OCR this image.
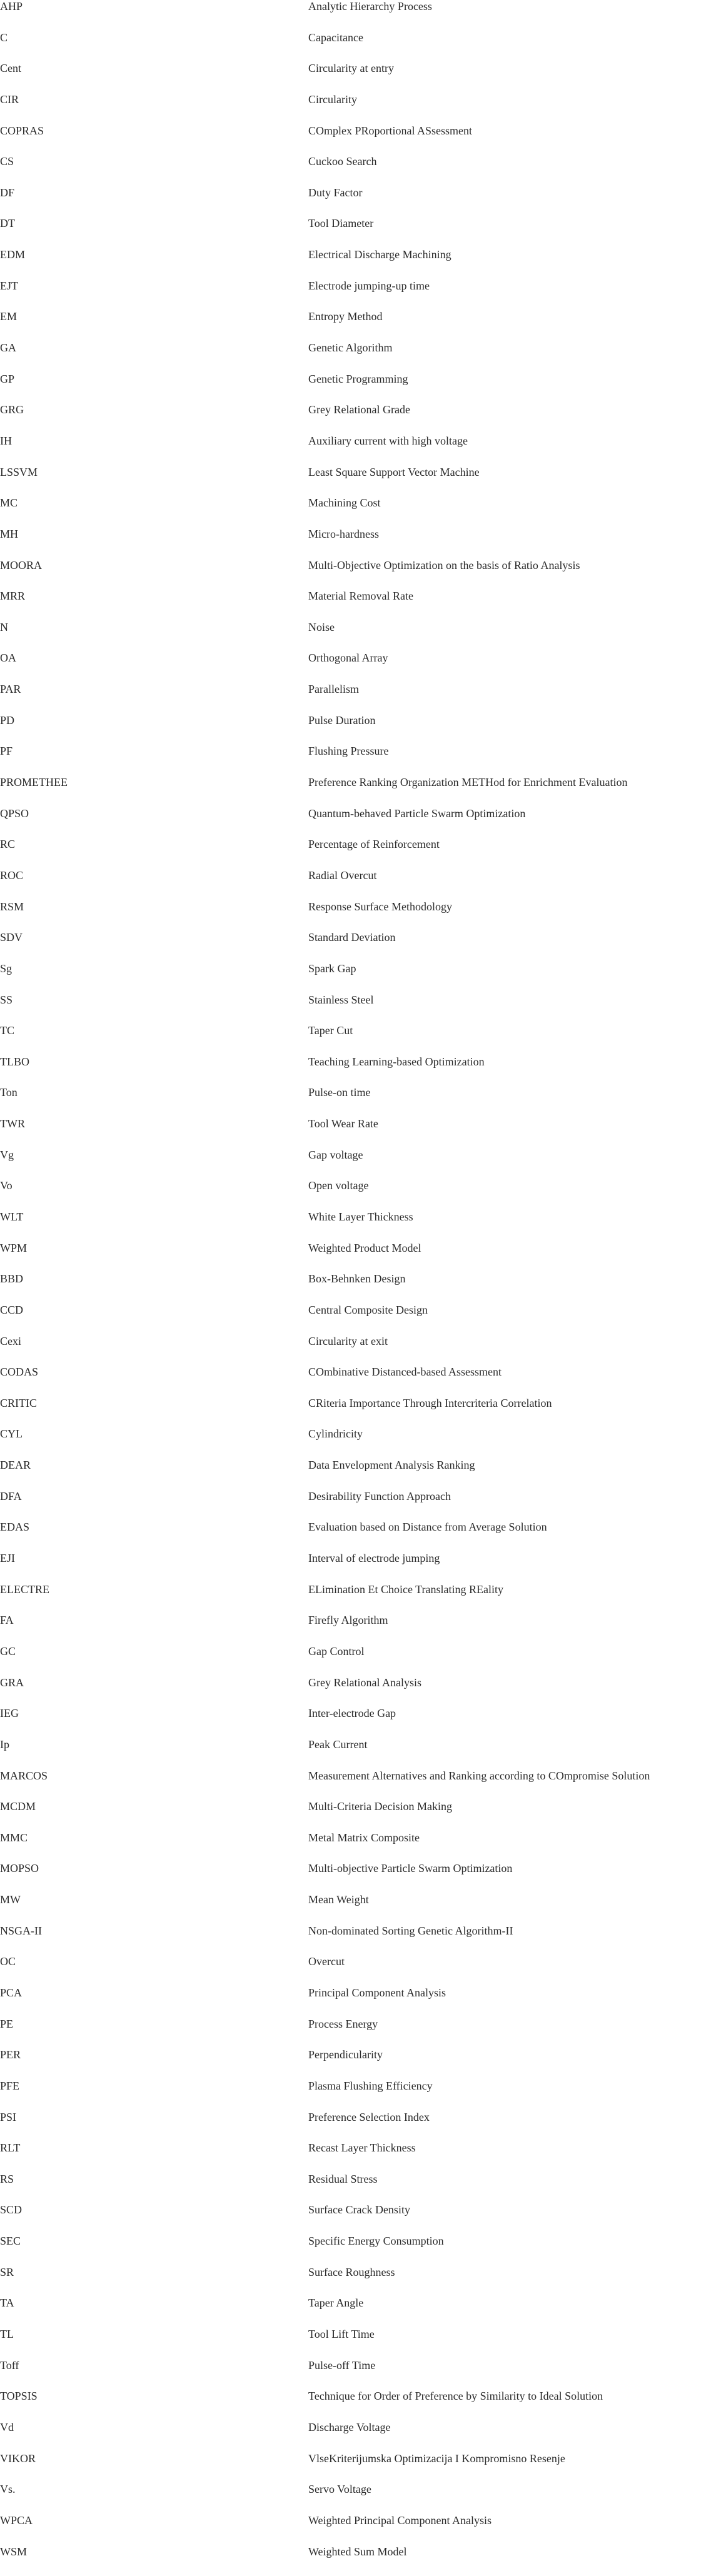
AHP	Analytic Hierarchy Process
C	Capacitance
Cent	Circularity at entry
CIR	Circularity
COPRAS	COmplex PRoportional ASsessment
CS	Cuckoo Search
DF	Duty Factor
DT	Tool Diameter
EDM	Electrical Discharge Machining
EJT	Electrode jumping-up time
EM	Entropy Method
GA	Genetic Algorithm
GP	Genetic Programming
GRG	Grey Relational Grade
IH	Auxiliary current with high voltage
LSSVM	Least Square Support Vector Machine
MC	Machining Cost
MH	Micro-hardness
MOORA	Multi-Objective Optimization on the basis of Ratio Analysis
MRR	Material Removal Rate
N	Noise
OA	Orthogonal Array
PAR	Parallelism
PD	Pulse Duration
PF	Flushing Pressure
PROMETHEE	Preference Ranking Organization METHod for Enrichment Evaluation
QPSO	Quantum-behaved Particle Swarm Optimization
RC	Percentage of Reinforcement
ROC	Radial Overcut
RSM	Response Surface Methodology
SDV	Standard Deviation
Sg	Spark Gap
SS	Stainless Steel
TC	Taper Cut
TLBO	Teaching Learning-based Optimization
Ton	Pulse-on time
TWR	Tool Wear Rate
Vg	Gap voltage
Vo	Open voltage
WLT	White Layer Thickness
WPM	Weighted Product Model
BBD	Box-Behnken Design
CCD	Central Composite Design
Cexi	Circularity at exit
CODAS	COmbinative Distanced-based Assessment
CRITIC	CRiteria Importance Through Intercriteria Correlation
CYL	Cylindricity
DEAR	Data Envelopment Analysis Ranking
DFA	Desirability Function Approach
EDAS	Evaluation based on Distance from Average Solution
EJI	Interval of electrode jumping
ELECTRE	ELimination Et Choice Translating REality
FA	Firefly Algorithm
GC	Gap Control
GRA	Grey Relational Analysis
IEG	Inter-electrode Gap
Ip	Peak Current
MARCOS	Measurement Alternatives and Ranking according to COmpromise Solution
MCDM	Multi-Criteria Decision Making
MMC	Metal Matrix Composite
MOPSO	Multi-objective Particle Swarm Optimization
MW	Mean Weight
NSGA-II	Non-dominated Sorting Genetic Algorithm-II
OC	Overcut
PCA	Principal Component Analysis
PE	Process Energy
PER	Perpendicularity
PFE	Plasma Flushing Efficiency
PSI	Preference Selection Index
RLT	Recast Layer Thickness
RS	Residual Stress
SCD	Surface Crack Density
SEC	Specific Energy Consumption
SR	Surface Roughness
TA	Taper Angle
TL	Tool Lift Time
Toff	Pulse-off Time
TOPSIS	Technique for Order of Preference by Similarity to Ideal Solution
Vd	Discharge Voltage
VIKOR	VlseKriterijumska Optimizacija I Kompromisno Resenje
Vs.	Servo Voltage
WPCA	Weighted Principal Component Analysis
WSM	Weighted Sum Model
